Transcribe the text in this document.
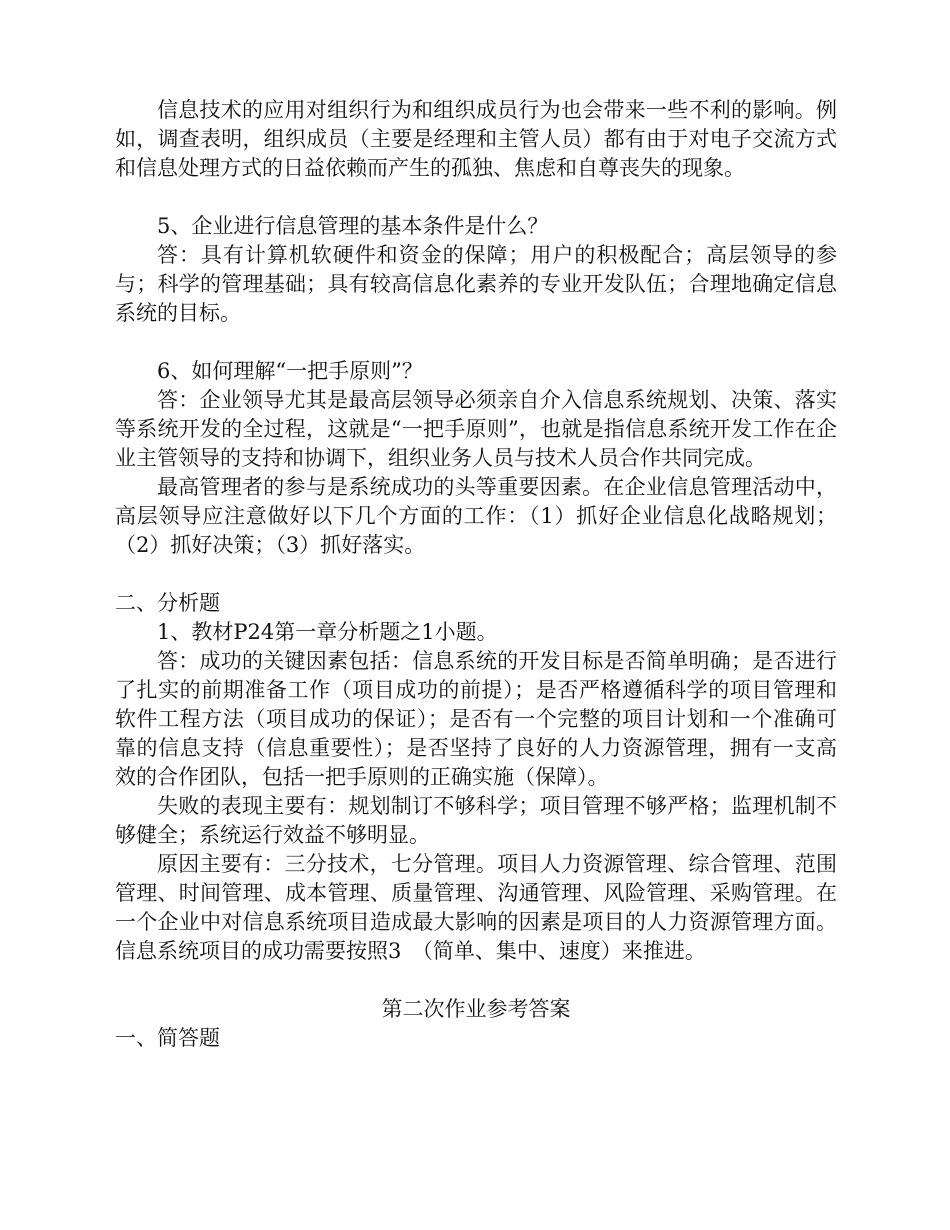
信息技术的应用对组织行为和组织成员行为也会带来一些不利的影响。例如，调查表明，组织成员（主要是经理和主管人员）都有由于对电子交流方式和信息处理方式的日益依赖而产生的孤独、焦虑和自尊丧失的现象。

5、企业进行信息管理的基本条件是什么？

答：具有计算机软硬件和资金的保障；用户的积极配合；高层领导的参与；科学的管理基础；具有较高信息化素养的专业开发队伍；合理地确定信息系统的目标。

6、如何理解“一把手原则”？

答：企业领导尤其是最高层领导必须亲自介入信息系统规划、决策、落实等系统开发的全过程，这就是“一把手原则”，也就是指信息系统开发工作在企业主管领导的支持和协调下，组织业务人员与技术人员合作共同完成。

最高管理者的参与是系统成功的头等重要因素。在企业信息管理活动中，高层领导应注意做好以下几个方面的工作：（1）抓好企业信息化战略规划；（2）抓好决策；（3）抓好落实。

二、分析题

1、教材P24第一章分析题之1小题。

答：成功的关键因素包括：信息系统的开发目标是否简单明确；是否进行了扎实的前期准备工作（项目成功的前提）；是否严格遵循科学的项目管理和软件工程方法（项目成功的保证）；是否有一个完整的项目计划和一个准确可靠的信息支持（信息重要性）；是否坚持了良好的人力资源管理，拥有一支高效的合作团队，包括一把手原则的正确实施（保障）。

失败的表现主要有：规划制订不够科学；项目管理不够严格；监理机制不够健全；系统运行效益不够明显。

原因主要有：三分技术，七分管理。项目人力资源管理、综合管理、范围管理、时间管理、成本管理、质量管理、沟通管理、风险管理、采购管理。在一个企业中对信息系统项目造成最大影响的因素是项目的人力资源管理方面。信息系统项目的成功需要按照3　（简单、集中、速度）来推进。

第二次作业参考答案

一、简答题
